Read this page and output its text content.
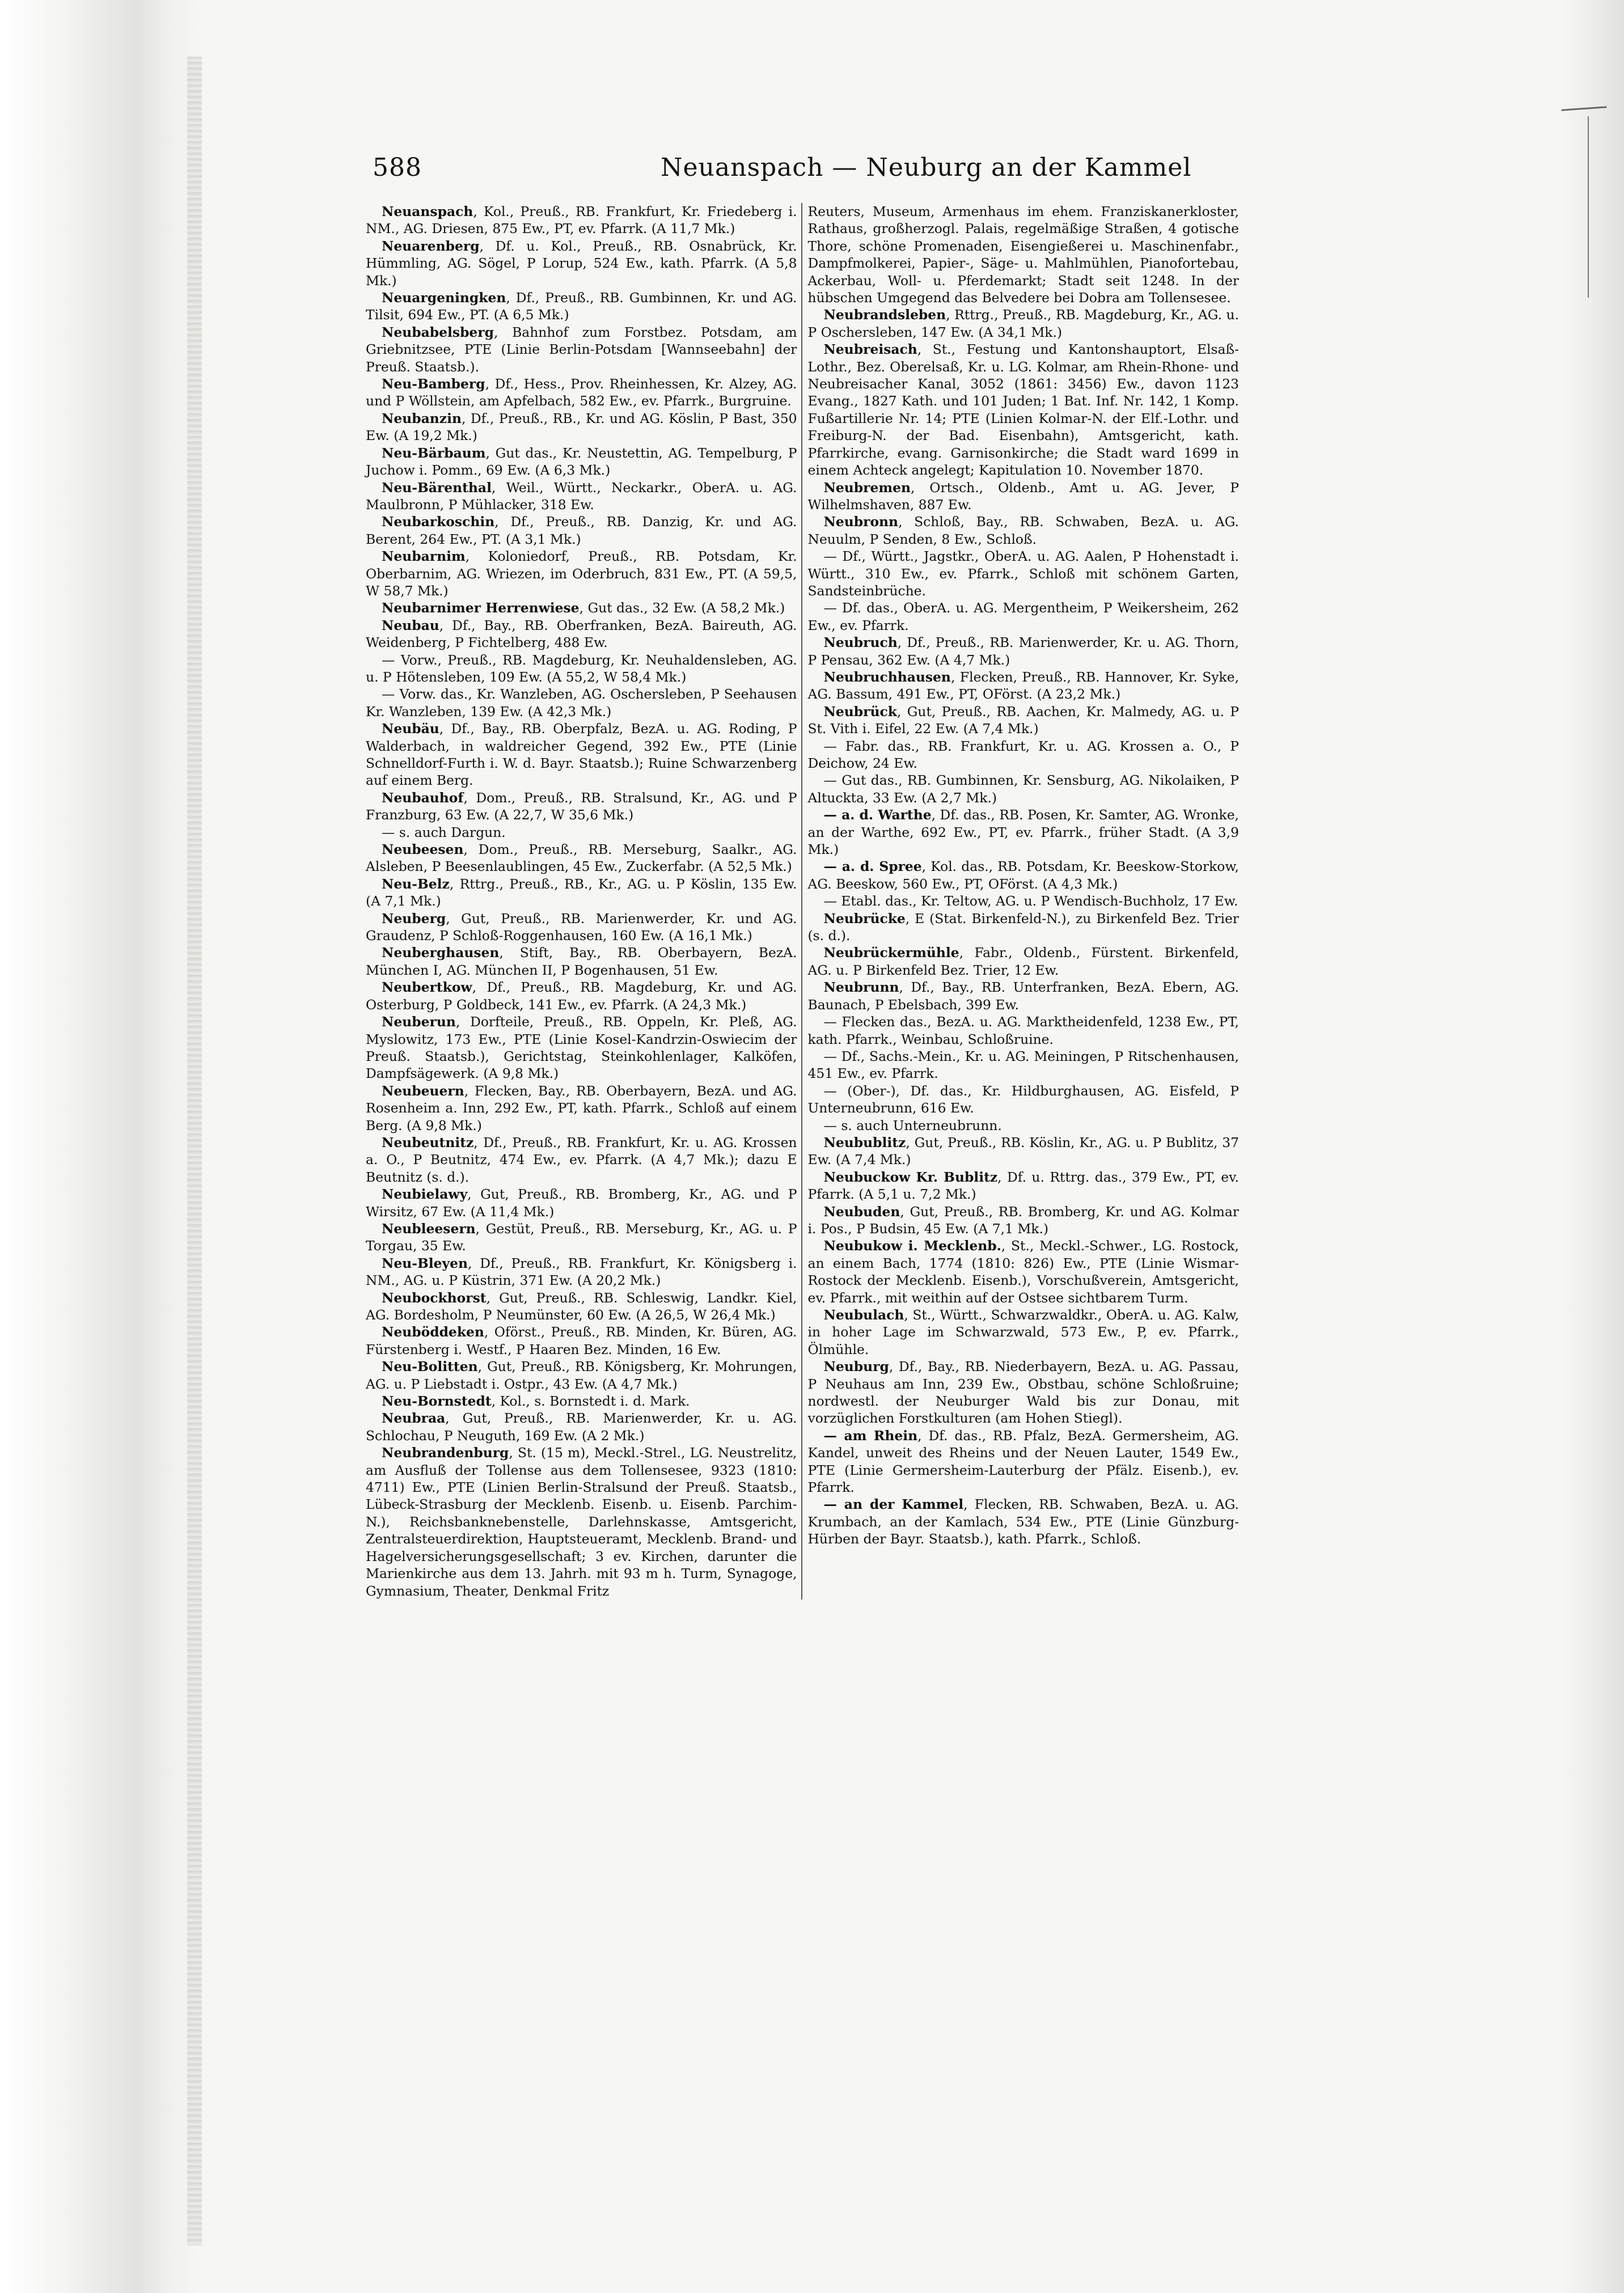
588	Neuanspach — Neuburg an der Kammel

Neuanspach, Kol., Preuß., RB. Frankfurt, Kr. Friedeberg i. NM., AG. Driesen, 875 Ew., PT, ev. Pfarrk. (A 11,7 Mk.)

Neuarenberg, Df. u. Kol., Preuß., RB. Osnabrück, Kr. Hümmling, AG. Sögel, P Lorup, 524 Ew., kath. Pfarrk. (A 5,8 Mk.)

Neuargeningken, Df., Preuß., RB. Gumbinnen, Kr. und AG. Tilsit, 694 Ew., PT. (A 6,5 Mk.)

Neubabelsberg, Bahnhof zum Forstbez. Potsdam, am Griebnitzsee, PTE (Linie Berlin-Potsdam [Wannseebahn] der Preuß. Staatsb.).

Neu-Bamberg, Df., Hess., Prov. Rheinhessen, Kr. Alzey, AG. und P Wöllstein, am Apfelbach, 582 Ew., ev. Pfarrk., Burgruine.

Neubanzin, Df., Preuß., RB., Kr. und AG. Köslin, P Bast, 350 Ew. (A 19,2 Mk.)

Neu-Bärbaum, Gut das., Kr. Neustettin, AG. Tempelburg, P Juchow i. Pomm., 69 Ew. (A 6,3 Mk.)

Neu-Bärenthal, Weil., Württ., Neckarkr., OberA. u. AG. Maulbronn, P Mühlacker, 318 Ew.

Neubarkoschin, Df., Preuß., RB. Danzig, Kr. und AG. Berent, 264 Ew., PT. (A 3,1 Mk.)

Neubarnim, Koloniedorf, Preuß., RB. Potsdam, Kr. Oberbarnim, AG. Wriezen, im Oderbruch, 831 Ew., PT. (A 59,5, W 58,7 Mk.)

Neubarnimer Herrenwiese, Gut das., 32 Ew. (A 58,2 Mk.)

Neubau, Df., Bay., RB. Oberfranken, BezA. Baireuth, AG. Weidenberg, P Fichtelberg, 488 Ew.

— Vorw., Preuß., RB. Magdeburg, Kr. Neuhaldensleben, AG. u. P Hötensleben, 109 Ew. (A 55,2, W 58,4 Mk.)

— Vorw. das., Kr. Wanzleben, AG. Oschersleben, P Seehausen Kr. Wanzleben, 139 Ew. (A 42,3 Mk.)

Neubäu, Df., Bay., RB. Oberpfalz, BezA. u. AG. Roding, P Walderbach, in waldreicher Gegend, 392 Ew., PTE (Linie Schnelldorf-Furth i. W. d. Bayr. Staatsb.); Ruine Schwarzenberg auf einem Berg.

Neubauhof, Dom., Preuß., RB. Stralsund, Kr., AG. und P Franzburg, 63 Ew. (A 22,7, W 35,6 Mk.)

— s. auch Dargun.

Neubeesen, Dom., Preuß., RB. Merseburg, Saalkr., AG. Alsleben, P Beesenlaublingen, 45 Ew., Zuckerfabr. (A 52,5 Mk.)

Neu-Belz, Rttrg., Preuß., RB., Kr., AG. u. P Köslin, 135 Ew. (A 7,1 Mk.)

Neuberg, Gut, Preuß., RB. Marienwerder, Kr. und AG. Graudenz, P Schloß-Roggenhausen, 160 Ew. (A 16,1 Mk.)

Neuberghausen, Stift, Bay., RB. Oberbayern, BezA. München I, AG. München II, P Bogenhausen, 51 Ew.

Neubertkow, Df., Preuß., RB. Magdeburg, Kr. und AG. Osterburg, P Goldbeck, 141 Ew., ev. Pfarrk. (A 24,3 Mk.)

Neuberun, Dorfteile, Preuß., RB. Oppeln, Kr. Pleß, AG. Myslowitz, 173 Ew., PTE (Linie Kosel-Kandrzin-Oswiecim der Preuß. Staatsb.), Gerichtstag, Steinkohlenlager, Kalköfen, Dampfsägewerk. (A 9,8 Mk.)

Neubeuern, Flecken, Bay., RB. Oberbayern, BezA. und AG. Rosenheim a. Inn, 292 Ew., PT, kath. Pfarrk., Schloß auf einem Berg. (A 9,8 Mk.)

Neubeutnitz, Df., Preuß., RB. Frankfurt, Kr. u. AG. Krossen a. O., P Beutnitz, 474 Ew., ev. Pfarrk. (A 4,7 Mk.); dazu E Beutnitz (s. d.).

Neubielawy, Gut, Preuß., RB. Bromberg, Kr., AG. und P Wirsitz, 67 Ew. (A 11,4 Mk.)

Neubleesern, Gestüt, Preuß., RB. Merseburg, Kr., AG. u. P Torgau, 35 Ew.

Neu-Bleyen, Df., Preuß., RB. Frankfurt, Kr. Königsberg i. NM., AG. u. P Küstrin, 371 Ew. (A 20,2 Mk.)

Neubockhorst, Gut, Preuß., RB. Schleswig, Landkr. Kiel, AG. Bordesholm, P Neumünster, 60 Ew. (A 26,5, W 26,4 Mk.)

Neuböddeken, Oförst., Preuß., RB. Minden, Kr. Büren, AG. Fürstenberg i. Westf., P Haaren Bez. Minden, 16 Ew.

Neu-Bolitten, Gut, Preuß., RB. Königsberg, Kr. Mohrungen, AG. u. P Liebstadt i. Ostpr., 43 Ew. (A 4,7 Mk.)

Neu-Bornstedt, Kol., s. Bornstedt i. d. Mark.

Neubraa, Gut, Preuß., RB. Marienwerder, Kr. u. AG. Schlochau, P Neuguth, 169 Ew. (A 2 Mk.)

Neubrandenburg, St. (15 m), Meckl.-Strel., LG. Neustrelitz, am Ausfluß der Tollense aus dem Tollensesee, 9323 (1810: 4711) Ew., PTE (Linien Berlin-Stralsund der Preuß. Staatsb., Lübeck-Strasburg der Mecklenb. Eisenb. u. Eisenb. Parchim-N.), Reichsbanknebenstelle, Darlehnskasse, Amtsgericht, Zentralsteuerdirektion, Hauptsteueramt, Mecklenb. Brand- und Hagelversicherungsgesellschaft; 3 ev. Kirchen, darunter die Marienkirche aus dem 13. Jahrh. mit 93 m h. Turm, Synagoge, Gymnasium, Theater, Denkmal Fritz

Reuters, Museum, Armenhaus im ehem. Franziskanerkloster, Rathaus, großherzogl. Palais, regelmäßige Straßen, 4 gotische Thore, schöne Promenaden, Eisengießerei u. Maschinenfabr., Dampfmolkerei, Papier-, Säge- u. Mahlmühlen, Pianofortebau, Ackerbau, Woll- u. Pferdemarkt; Stadt seit 1248. In der hübschen Umgegend das Belvedere bei Dobra am Tollensesee.

Neubrandsleben, Rttrg., Preuß., RB. Magdeburg, Kr., AG. u. P Oschersleben, 147 Ew. (A 34,1 Mk.)

Neubreisach, St., Festung und Kantonshauptort, Elsaß-Lothr., Bez. Oberelsaß, Kr. u. LG. Kolmar, am Rhein-Rhone- und Neubreisacher Kanal, 3052 (1861: 3456) Ew., davon 1123 Evang., 1827 Kath. und 101 Juden; 1 Bat. Inf. Nr. 142, 1 Komp. Fußartillerie Nr. 14; PTE (Linien Kolmar-N. der Elf.-Lothr. und Freiburg-N. der Bad. Eisenbahn), Amtsgericht, kath. Pfarrkirche, evang. Garnisonkirche; die Stadt ward 1699 in einem Achteck angelegt; Kapitulation 10. November 1870.

Neubremen, Ortsch., Oldenb., Amt u. AG. Jever, P Wilhelmshaven, 887 Ew.

Neubronn, Schloß, Bay., RB. Schwaben, BezA. u. AG. Neuulm, P Senden, 8 Ew., Schloß.

— Df., Württ., Jagstkr., OberA. u. AG. Aalen, P Hohenstadt i. Württ., 310 Ew., ev. Pfarrk., Schloß mit schönem Garten, Sandsteinbrüche.

— Df. das., OberA. u. AG. Mergentheim, P Weikersheim, 262 Ew., ev. Pfarrk.

Neubruch, Df., Preuß., RB. Marienwerder, Kr. u. AG. Thorn, P Pensau, 362 Ew. (A 4,7 Mk.)

Neubruchhausen, Flecken, Preuß., RB. Hannover, Kr. Syke, AG. Bassum, 491 Ew., PT, OFörst. (A 23,2 Mk.)

Neubrück, Gut, Preuß., RB. Aachen, Kr. Malmedy, AG. u. P St. Vith i. Eifel, 22 Ew. (A 7,4 Mk.)

— Fabr. das., RB. Frankfurt, Kr. u. AG. Krossen a. O., P Deichow, 24 Ew.

— Gut das., RB. Gumbinnen, Kr. Sensburg, AG. Nikolaiken, P Altuckta, 33 Ew. (A 2,7 Mk.)

— a. d. Warthe, Df. das., RB. Posen, Kr. Samter, AG. Wronke, an der Warthe, 692 Ew., PT, ev. Pfarrk., früher Stadt. (A 3,9 Mk.)

— a. d. Spree, Kol. das., RB. Potsdam, Kr. Beeskow-Storkow, AG. Beeskow, 560 Ew., PT, OFörst. (A 4,3 Mk.)

— Etabl. das., Kr. Teltow, AG. u. P Wendisch-Buchholz, 17 Ew.

Neubrücke, E (Stat. Birkenfeld-N.), zu Birkenfeld Bez. Trier (s. d.).

Neubrückermühle, Fabr., Oldenb., Fürstent. Birkenfeld, AG. u. P Birkenfeld Bez. Trier, 12 Ew.

Neubrunn, Df., Bay., RB. Unterfranken, BezA. Ebern, AG. Baunach, P Ebelsbach, 399 Ew.

— Flecken das., BezA. u. AG. Marktheidenfeld, 1238 Ew., PT, kath. Pfarrk., Weinbau, Schloßruine.

— Df., Sachs.-Mein., Kr. u. AG. Meiningen, P Ritschenhausen, 451 Ew., ev. Pfarrk.

— (Ober-), Df. das., Kr. Hildburghausen, AG. Eisfeld, P Unterneubrunn, 616 Ew.

— s. auch Unterneubrunn.

Neubublitz, Gut, Preuß., RB. Köslin, Kr., AG. u. P Bublitz, 37 Ew. (A 7,4 Mk.)

Neubuckow Kr. Bublitz, Df. u. Rttrg. das., 379 Ew., PT, ev. Pfarrk. (A 5,1 u. 7,2 Mk.)

Neubuden, Gut, Preuß., RB. Bromberg, Kr. und AG. Kolmar i. Pos., P Budsin, 45 Ew. (A 7,1 Mk.)

Neubukow i. Mecklenb., St., Meckl.-Schwer., LG. Rostock, an einem Bach, 1774 (1810: 826) Ew., PTE (Linie Wismar-Rostock der Mecklenb. Eisenb.), Vorschußverein, Amtsgericht, ev. Pfarrk., mit weithin auf der Ostsee sichtbarem Turm.

Neubulach, St., Württ., Schwarzwaldkr., OberA. u. AG. Kalw, in hoher Lage im Schwarzwald, 573 Ew., P, ev. Pfarrk., Ölmühle.

Neuburg, Df., Bay., RB. Niederbayern, BezA. u. AG. Passau, P Neuhaus am Inn, 239 Ew., Obstbau, schöne Schloßruine; nordwestl. der Neuburger Wald bis zur Donau, mit vorzüglichen Forstkulturen (am Hohen Stiegl).

— am Rhein, Df. das., RB. Pfalz, BezA. Germersheim, AG. Kandel, unweit des Rheins und der Neuen Lauter, 1549 Ew., PTE (Linie Germersheim-Lauterburg der Pfälz. Eisenb.), ev. Pfarrk.

— an der Kammel, Flecken, RB. Schwaben, BezA. u. AG. Krumbach, an der Kamlach, 534 Ew., PTE (Linie Günzburg-Hürben der Bayr. Staatsb.), kath. Pfarrk., Schloß.
